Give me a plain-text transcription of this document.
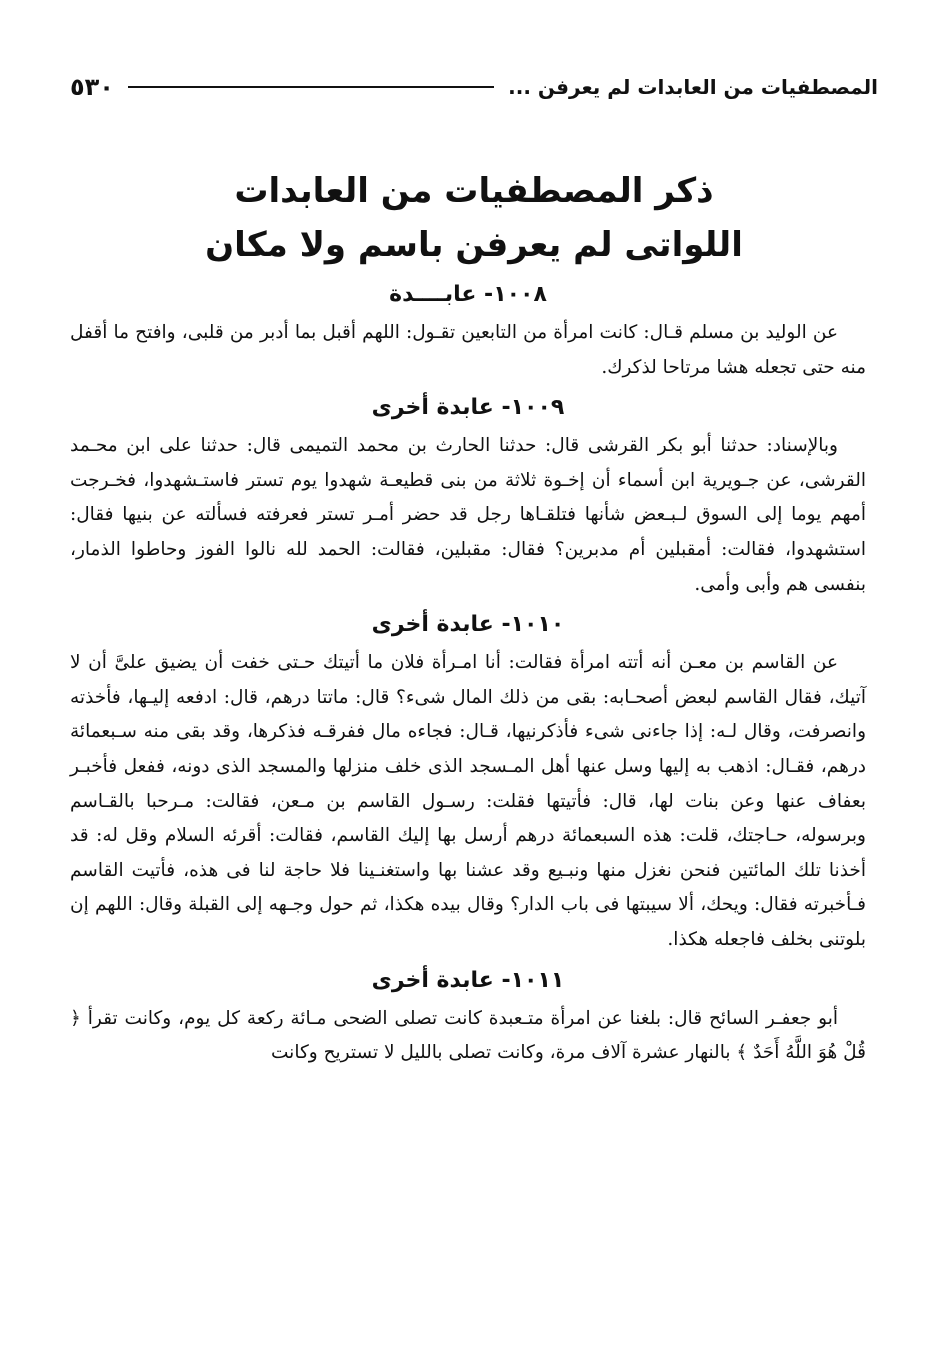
المصطفيات من العابدات لم يعرفن ...
٥٣٠
ذكر المصطفيات من العابدات
اللواتى لم يعرفن باسم ولا مكان
١٠٠٨- عابــــدة

عن الوليد بن مسلم قـال: كانت امرأة من التابعين تقـول: اللهم أقبل بما أدبر من قلبى، وافتح ما أقفل منه حتى تجعله هشا مرتاحا لذكرك.

١٠٠٩- عابدة أخرى

وبالإسناد: حدثنا أبو بكر القرشى قال: حدثنا الحارث بن محمد التميمى قال: حدثنا على ابن محـمد القرشى، عن جـويرية ابن أسماء أن إخـوة ثلاثة من بنى قطيعـة شهدوا يوم تستر فاستـشهدوا، فخـرجت أمهم يوما إلى السوق لـبـعض شأنها فتلقـاها رجل قد حضر أمـر تستر فعرفته فسألته عن بنيها فقال: استشهدوا، فقالت: أمقبلين أم مدبرين؟ فقال: مقبلين، فقالت: الحمد لله نالوا الفوز وحاطوا الذمار، بنفسى هم وأبى وأمى.

١٠١٠- عابدة أخرى

عن القاسم بن معـن أنه أتته امرأة فقالت: أنا امـرأة فلان ما أتيتك حـتى خفت أن يضيق علىَّ أن لا آتيك، فقال القاسم لبعض أصحـابه: بقى من ذلك المال شىء؟ قال: ماتتا درهم، قال: ادفعه إليـها، فأخذته وانصرفت، وقال لـه: إذا جاءنى شىء فأذكرنيها، قـال: فجاءه مال ففرقـه فذكرها، وقد بقى منه سـبعمائة درهم، فقـال: اذهب به إليها وسل عنها أهل المـسجد الذى خلف منزلها والمسجد الذى دونه، ففعل فأخبـر بعفاف عنها وعن بنات لها، قال: فأتيتها فقلت: رسـول القاسم بن مـعن، فقالت: مـرحبا بالقـاسم وبرسوله، حـاجتك، قلت: هذه السبعمائة درهم أرسل بها إليك القاسم، فقالت: أقرئه السلام وقل له: قد أخذنا تلك المائتين فنحن نغزل منها ونبـيع وقد عشنا بها واستغنـينا فلا حاجة لنا فى هذه، فأتيت القاسم فـأخبرته فقال: ويحك، ألا سيبتها فى باب الدار؟ وقال بيده هكذا، ثم حول وجـهه إلى القبلة وقال: اللهم إن بلوتنى بخلف فاجعله هكذا.

١٠١١- عابدة أخرى

أبو جعفـر السائح قال: بلغنا عن امرأة متـعبدة كانت تصلى الضحى مـائة ركعة كل يوم، وكانت تقرأ ﴿ قُلْ هُوَ اللَّهُ أَحَدٌ ﴾ بالنهار عشرة آلاف مرة، وكانت تصلى بالليل لا تستريح وكانت
